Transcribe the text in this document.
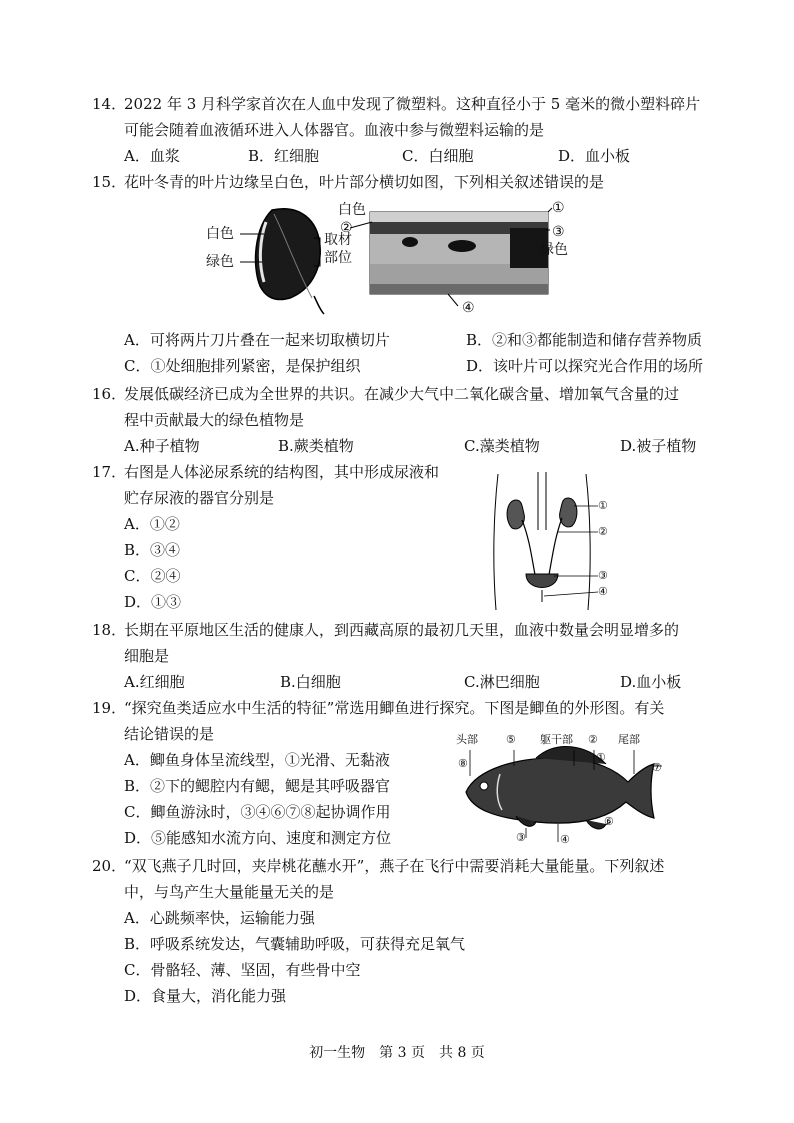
14．
2022 年 3 月科学家首次在人血中发现了微塑料。这种直径小于 5 毫米的微小塑料碎片
可能会随着血液循环进入人体器官。血液中参与微塑料运输的是
A．血浆	B．红细胞	C．白细胞	D．血小板
15．
花叶冬青的叶片边缘呈白色，叶片部分横切如图，下列相关叙述错误的是
白色
绿色
取材
部位
白色
②
①
③
绿色
④
A．可将两片刀片叠在一起来切取横切片	B．②和③都能制造和储存营养物质
C．①处细胞排列紧密，是保护组织	D．该叶片可以探究光合作用的场所
16．
发展低碳经济已成为全世界的共识。在减少大气中二氧化碳含量、增加氧气含量的过
程中贡献最大的绿色植物是
A.种子植物	B.蕨类植物	C.藻类植物	D.被子植物
17．
右图是人体泌尿系统的结构图，其中形成尿液和
贮存尿液的器官分别是
A．①②
B．③④
C．②④
D．①③
①
②
③
④
18．
长期在平原地区生活的健康人，到西藏高原的最初几天里，血液中数量会明显增多的
细胞是
A.红细胞	B.白细胞	C.淋巴细胞	D.血小板
19．
“探究鱼类适应水中生活的特征”常选用鲫鱼进行探究。下图是鲫鱼的外形图。有关
结论错误的是
A．鲫鱼身体呈流线型，①光滑、无黏液
B．②下的鳃腔内有鳃，鳃是其呼吸器官
C．鲫鱼游泳时，③④⑥⑦⑧起协调作用
D．⑤能感知水流方向、速度和测定方位
头部	⑤ 躯干部 ② 尾部
⑧	①
⑦
⑥
③	④
20．
“双飞燕子几时回，夹岸桃花蘸水开”，燕子在飞行中需要消耗大量能量。下列叙述
中，与鸟产生大量能量无关的是
A．心跳频率快，运输能力强
B．呼吸系统发达，气囊辅助呼吸，可获得充足氧气
C．骨骼轻、薄、坚固，有些骨中空
D．食量大，消化能力强
初一生物　第 3 页　共 8 页
